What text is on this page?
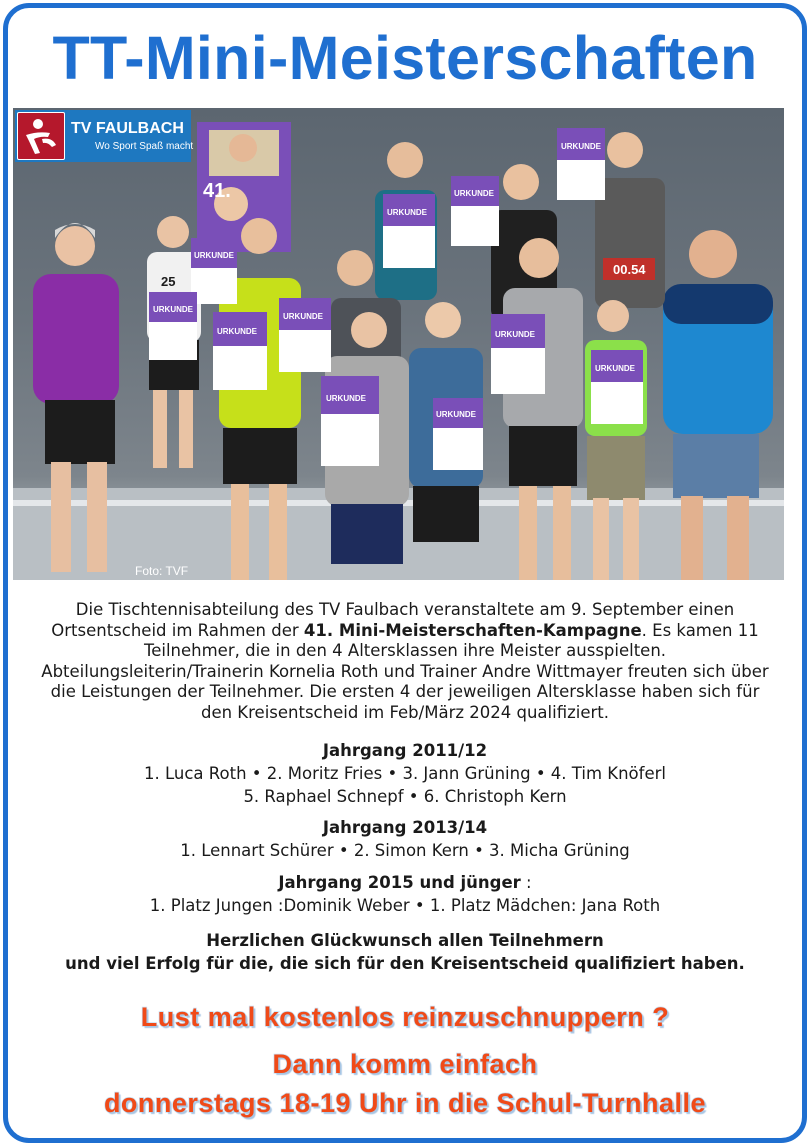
TT-Mini-Meisterschaften
00.54
25
URKUNDE
URKUNDE
URKUNDE
URKUNDE
URKUNDE
URKUNDE
URKUNDE
URKUNDE
URKUNDE
URKUNDE
URKUNDE
TV FAULBACH
Wo Sport Spaß macht
41.
Foto: TVF
Die Tischtennisabteilung des TV Faulbach veranstaltete am 9. September einen Ortsentscheid im Rahmen der 41. Mini-Meisterschaften-Kampagne. Es kamen 11 Teilnehmer, die in den 4 Altersklassen ihre Meister ausspielten. Abteilungsleiterin/Trainerin Kornelia Roth und Trainer Andre Wittmayer freuten sich über die Leistungen der Teilnehmer. Die ersten 4 der jeweiligen Altersklasse haben sich für den Kreisentscheid im Feb/März 2024 qualifiziert.
Jahrgang 2011/12
1. Luca Roth • 2. Moritz Fries • 3. Jann Grüning • 4. Tim Knöferl
5. Raphael Schnepf • 6. Christoph Kern
Jahrgang 2013/14
1. Lennart Schürer • 2. Simon Kern • 3. Micha Grüning
Jahrgang 2015 und jünger :
1. Platz Jungen :Dominik Weber • 1. Platz Mädchen: Jana Roth
Herzlichen Glückwunsch allen Teilnehmern
und viel Erfolg für die, die sich für den Kreisentscheid qualifiziert haben.
Lust mal kostenlos reinzuschnuppern ?
Dann komm einfach
donnerstags 18-19 Uhr in die Schul-Turnhalle
